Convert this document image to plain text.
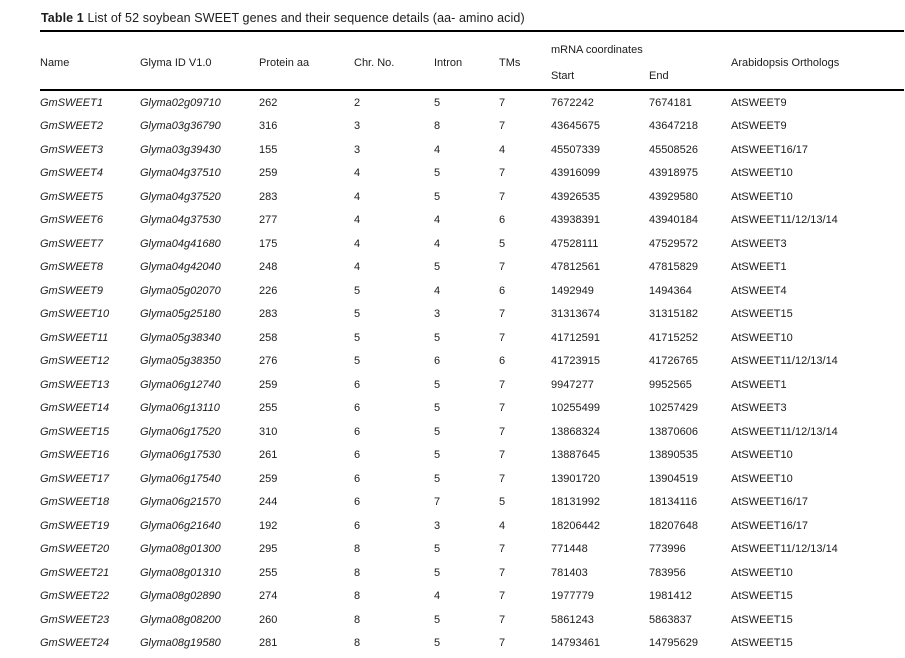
Table 1 List of 52 soybean SWEET genes and their sequence details (aa- amino acid)

Name	Glyma ID V1.0	Protein aa	Chr. No.	Intron	TMs	mRNA coordinates		Arabidopsis Orthologs
						Start	End	
GmSWEET1	Glyma02g09710	262	2	5	7	7672242	7674181	AtSWEET9
GmSWEET2	Glyma03g36790	316	3	8	7	43645675	43647218	AtSWEET9
GmSWEET3	Glyma03g39430	155	3	4	4	45507339	45508526	AtSWEET16/17
GmSWEET4	Glyma04g37510	259	4	5	7	43916099	43918975	AtSWEET10
GmSWEET5	Glyma04g37520	283	4	5	7	43926535	43929580	AtSWEET10
GmSWEET6	Glyma04g37530	277	4	4	6	43938391	43940184	AtSWEET11/12/13/14
GmSWEET7	Glyma04g41680	175	4	4	5	47528111	47529572	AtSWEET3
GmSWEET8	Glyma04g42040	248	4	5	7	47812561	47815829	AtSWEET1
GmSWEET9	Glyma05g02070	226	5	4	6	1492949	1494364	AtSWEET4
GmSWEET10	Glyma05g25180	283	5	3	7	31313674	31315182	AtSWEET15
GmSWEET11	Glyma05g38340	258	5	5	7	41712591	41715252	AtSWEET10
GmSWEET12	Glyma05g38350	276	5	6	6	41723915	41726765	AtSWEET11/12/13/14
GmSWEET13	Glyma06g12740	259	6	5	7	9947277	9952565	AtSWEET1
GmSWEET14	Glyma06g13110	255	6	5	7	10255499	10257429	AtSWEET3
GmSWEET15	Glyma06g17520	310	6	5	7	13868324	13870606	AtSWEET11/12/13/14
GmSWEET16	Glyma06g17530	261	6	5	7	13887645	13890535	AtSWEET10
GmSWEET17	Glyma06g17540	259	6	5	7	13901720	13904519	AtSWEET10
GmSWEET18	Glyma06g21570	244	6	7	5	18131992	18134116	AtSWEET16/17
GmSWEET19	Glyma06g21640	192	6	3	4	18206442	18207648	AtSWEET16/17
GmSWEET20	Glyma08g01300	295	8	5	7	771448	773996	AtSWEET11/12/13/14
GmSWEET21	Glyma08g01310	255	8	5	7	781403	783956	AtSWEET10
GmSWEET22	Glyma08g02890	274	8	4	7	1977779	1981412	AtSWEET15
GmSWEET23	Glyma08g08200	260	8	5	7	5861243	5863837	AtSWEET15
GmSWEET24	Glyma08g19580	281	8	5	7	14793461	14795629	AtSWEET15
